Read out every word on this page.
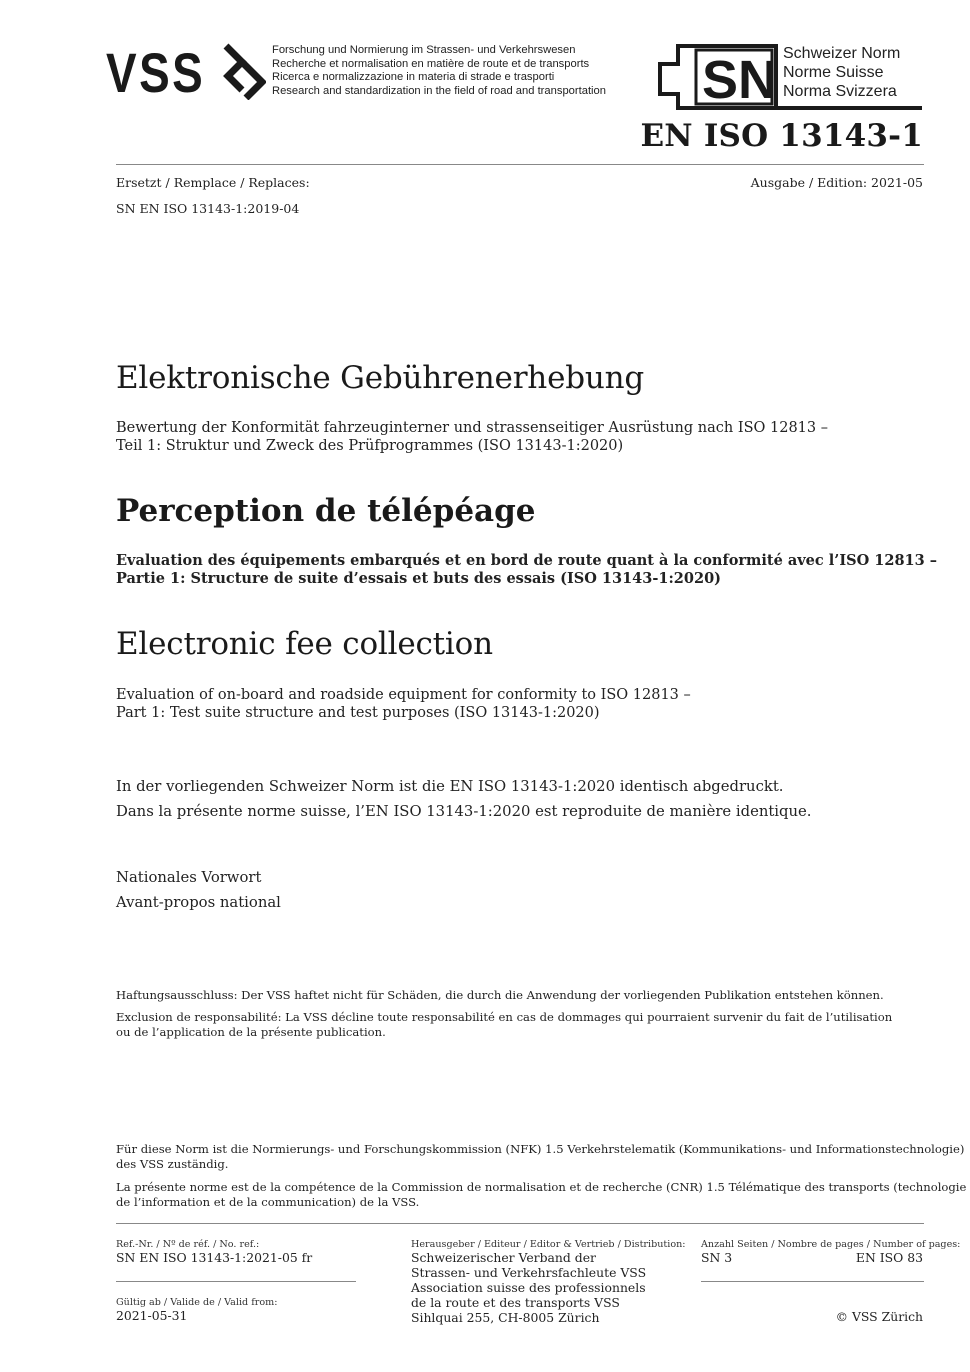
VSS	Forschung und Normierung im Strassen- und Verkehrswesen
Recherche et normalisation en matière de route et de transports
Ricerca e normalizzazione in materia di strade e trasporti
Research and standardization in the field of road and transportation SN Schweizer Norm
Norme Suisse
Norma Svizzera
EN ISO 13143-1
Ersetzt / Remplace / Replaces:	Ausgabe / Edition: 2021-05
SN EN ISO 13143-1:2019-04
Elektronische Gebührenerhebung
Bewertung der Konformität fahrzeuginterner und strassenseitiger Ausrüstung nach ISO 12813 –
Teil 1: Struktur und Zweck des Prüfprogrammes (ISO 13143-1:2020)
Perception de télépéage
Evaluation des équipements embarqués et en bord de route quant à la conformité avec l’ISO 12813 –
Partie 1: Structure de suite d’essais et buts des essais (ISO 13143-1:2020)
Electronic fee collection
Evaluation of on-board and roadside equipment for conformity to ISO 12813 –
Part 1: Test suite structure and test purposes (ISO 13143-1:2020)
In der vorliegenden Schweizer Norm ist die EN ISO 13143-1:2020 identisch abgedruckt.
Dans la présente norme suisse, l’EN ISO 13143-1:2020 est reproduite de manière identique.
Nationales Vorwort
Avant-propos national
Haftungsausschluss: Der VSS haftet nicht für Schäden, die durch die Anwendung der vorliegenden Publikation entstehen können.
Exclusion de responsabilité: La VSS décline toute responsabilité en cas de dommages qui pourraient survenir du fait de l’utilisation
ou de l’application de la présente publication.
Für diese Norm ist die Normierungs- und Forschungskommission (NFK) 1.5 Verkehrstelematik (Kommunikations- und Informationstechnologie)
des VSS zuständig.
La présente norme est de la compétence de la Commission de normalisation et de recherche (CNR) 1.5 Télématique des transports (technologie
de l’information et de la communication) de la VSS.
Ref.-Nr. / Nº de réf. / No. ref.:
SN EN ISO 13143-1:2021-05 fr
Gültig ab / Valide de / Valid from:
2021-05-31
Herausgeber / Editeur / Editor & Vertrieb / Distribution:
Schweizerischer Verband der
Strassen- und Verkehrsfachleute VSS
Association suisse des professionnels
de la route et des transports VSS
Sihlquai 255, CH-8005 Zürich
Anzahl Seiten / Nombre de pages / Number of pages:
SN 3	EN ISO 83
© VSS Zürich
